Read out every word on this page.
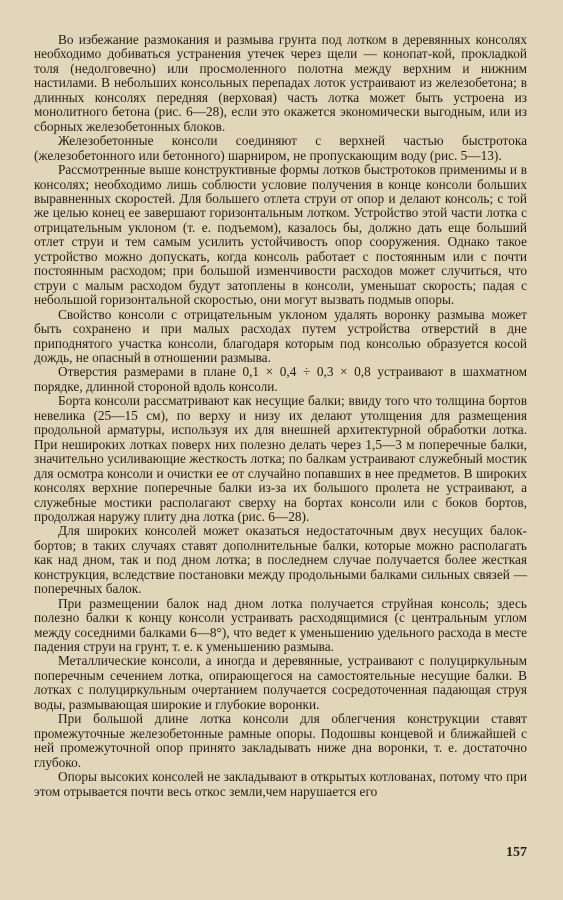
Во избежание размокания и размыва грунта под лотком в деревянных консолях необходимо добиваться устранения утечек через щели — конопат-кой, прокладкой толя (недолговечно) или просмоленного полотна между верхним и нижним настилами. В небольших консольных перепадах лоток устраивают из железобетона; в длинных консолях передняя (верховая) часть лотка может быть устроена из монолитного бетона (рис. 6—28), если это окажется экономически выгодным, или из сборных железобетонных блоков.

Железобетонные консоли соединяют с верхней частью быстротока (железобетонного или бетонного) шарниром, не пропускающим воду (рис. 5—13).

Рассмотренные выше конструктивные формы лотков быстротоков применимы и в консолях; необходимо лишь соблюсти условие получения в конце консоли больших выравненных скоростей. Для большего отлета струи от опор и делают консоль; с той же целью конец ее завершают горизонтальным лотком. Устройство этой части лотка с отрицательным уклоном (т. е. подъемом), казалось бы, должно дать еще больший отлет струи и тем самым усилить устойчивость опор сооружения. Однако такое устройство можно допускать, когда консоль работает с постоянным или с почти постоянным расходом; при большой изменчивости расходов может случиться, что струи с малым расходом будут затоплены в консоли, уменьшат скорость; падая с небольшой горизонтальной скоростью, они могут вызвать подмыв опоры.

Свойство консоли с отрицательным уклоном удалять воронку размыва может быть сохранено и при малых расходах путем устройства отверстий в дне приподнятого участка консоли, благодаря которым под консолью образуется косой дождь, не опасный в отношении размыва.

Отверстия размерами в плане 0,1 × 0,4 ÷ 0,3 × 0,8 устраивают в шахматном порядке, длинной стороной вдоль консоли.

Борта консоли рассматривают как несущие балки; ввиду того что толщина бортов невелика (25—15 см), по верху и низу их делают утолщения для размещения продольной арматуры, используя их для внешней архитектурной обработки лотка. При неширoких лотках поверх них полезно делать через 1,5—3 м поперечные балки, значительно усиливающие жесткость лотка; по балкам устраивают служебный мостик для осмотра консоли и очистки ее от случайно попавших в нее предметов. В широких консолях верхние поперечные балки из-за их большого пролета не устраивают, а служебные мостики располагают сверху на бортах консоли или с боков бортов, продолжая наружу плиту дна лотка (рис. 6—28).

Для широких консолей может оказаться недостаточным двух несущих балок-бортов; в таких случаях ставят дополнительные балки, которые можно располагать как над дном, так и под дном лотка; в последнем случае получается более жесткая конструкция, вследствие постановки между продольными балками сильных связей — поперечных балок.

При размещении балок над дном лотка получается струйная консоль; здесь полезно балки к концу консоли устраивать расходящимися (с центральным углом между соседними балками 6—8°), что ведет к уменьшению удельного расхода в месте падения струи на грунт, т. е. к уменьшению размыва.

Металлические консоли, а иногда и деревянные, устраивают с полуциркульным поперечным сечением лотка, опирающегося на самостоятельные несущие балки. В лотках с полуциркульным очертанием получается сосредоточенная падающая струя воды, размывающая широкие и глубокие воронки.

При большой длине лотка консоли для облегчения конструкции ставят промежуточные железобетонные рамные опоры. Подошвы концевой и ближайшей с ней промежуточной опор принято закладывать ниже дна воронки, т. е. достаточно глубоко.

Опоры высоких консолей не закладывают в открытых котлованах, потому что при этом отрывается почти весь откос земли,чем нарушается его

157
